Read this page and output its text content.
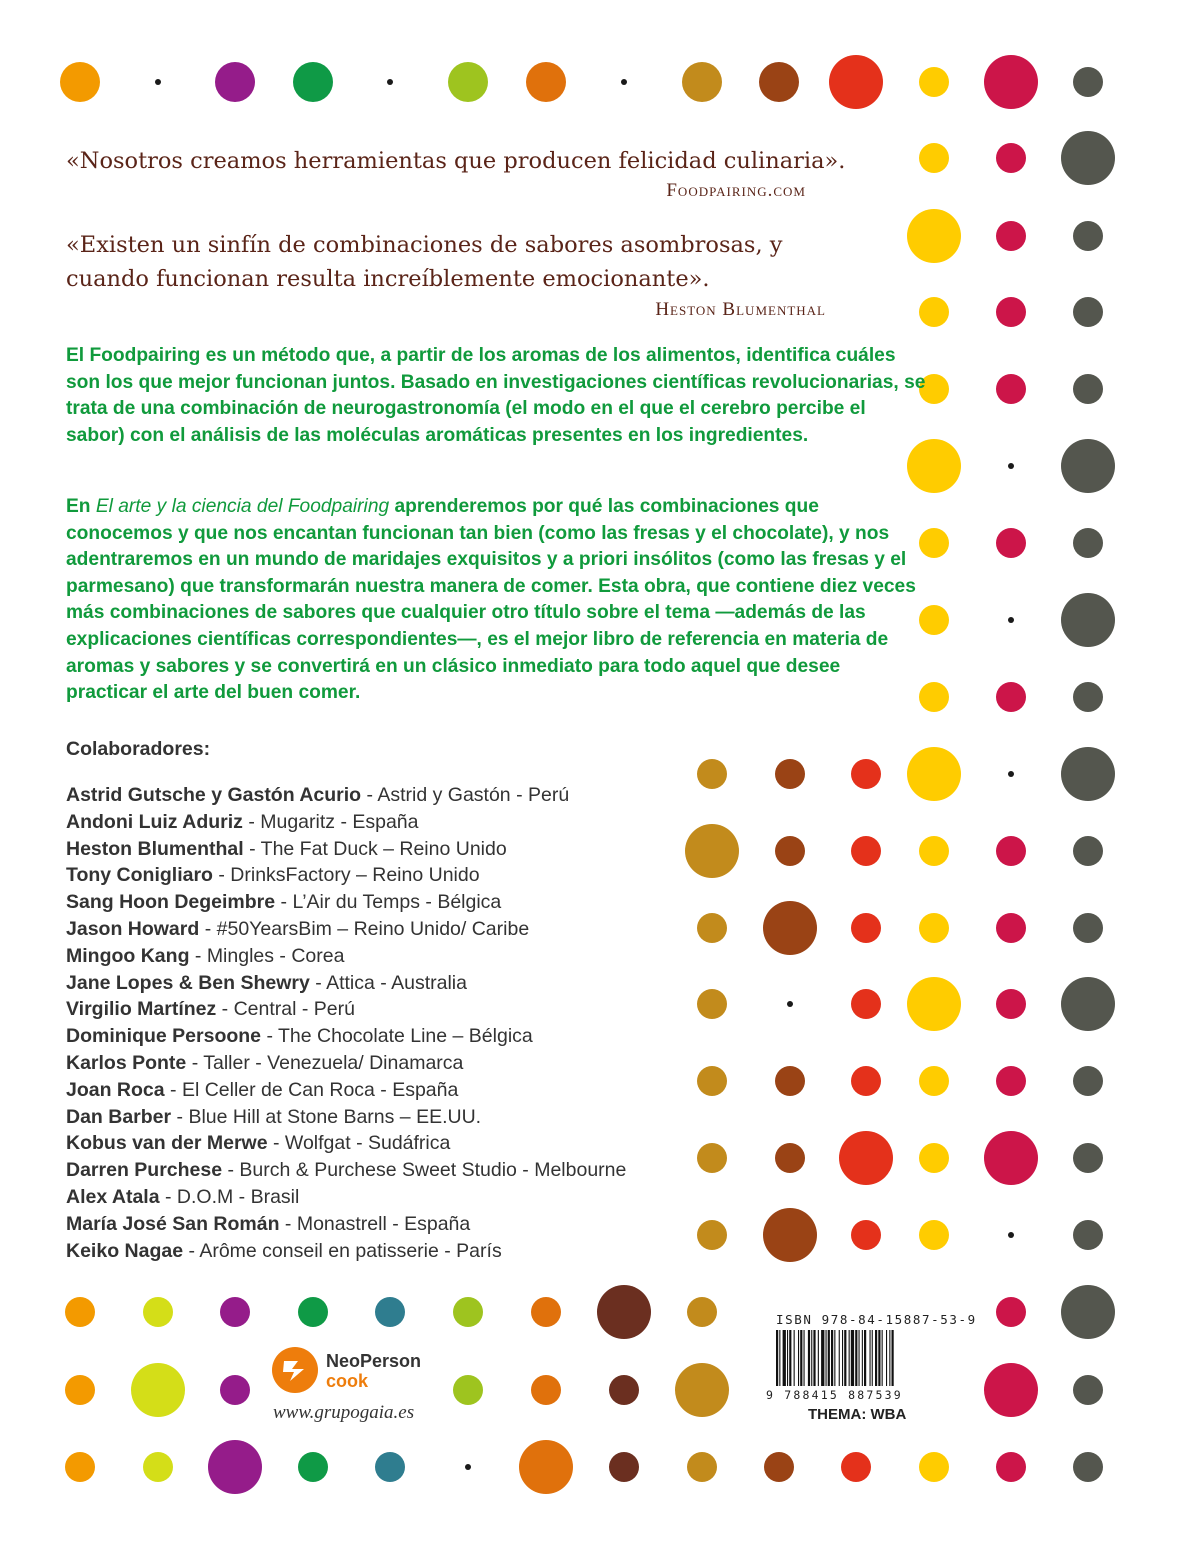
«Nosotros creamos herramientas que producen felicidad culinaria».

Foodpairing.com

«Existen un sinfín de combinaciones de sabores asombrosas, y cuando funcionan resulta increíblemente emocionante».

Heston Blumenthal

El Foodpairing es un método que, a partir de los aromas de los alimentos, identifica cuáles son los que mejor funcionan juntos. Basado en investigaciones científicas revolucionarias, se trata de una combinación de neurogastronomía (el modo en el que el cerebro percibe el sabor) con el análisis de las moléculas aromáticas presentes en los ingredientes.

En El arte y la ciencia del Foodpairing aprenderemos por qué las combinaciones que conocemos y que nos encantan funcionan tan bien (como las fresas y el chocolate), y nos adentraremos en un mundo de maridajes exquisitos y a priori insólitos (como las fresas y el parmesano) que transformarán nuestra manera de comer. Esta obra, que contiene diez veces más combinaciones de sabores que cualquier otro título sobre el tema —además de las explicaciones científicas correspondientes—, es el mejor libro de referencia en materia de aromas y sabores y se convertirá en un clásico inmediato para todo aquel que desee practicar el arte del buen comer.

Colaboradores:
Astrid Gutsche y Gastón Acurio - Astrid y Gastón - Perú
Andoni Luiz Aduriz - Mugaritz - España
Heston Blumenthal - The Fat Duck – Reino Unido
Tony Conigliaro - DrinksFactory – Reino Unido
Sang Hoon Degeimbre - L’Air du Temps - Bélgica
Jason Howard - #50YearsBim – Reino Unido/ Caribe
Mingoo Kang - Mingles - Corea
Jane Lopes & Ben Shewry - Attica - Australia
Virgilio Martínez - Central - Perú
Dominique Persoone - The Chocolate Line – Bélgica
Karlos Ponte - Taller - Venezuela/ Dinamarca
Joan Roca - El Celler de Can Roca - España
Dan Barber - Blue Hill at Stone Barns – EE.UU.
Kobus van der Merwe - Wolfgat - Sudáfrica
Darren Purchese - Burch & Purchese Sweet Studio - Melbourne
Alex Atala - D.O.M - Brasil
María José San Román - Monastrell - España
Keiko Nagae - Arôme conseil en patisserie - París
NeoPerson
cook
www.grupogaia.es
ISBN 978-84-15887-53-9
9 788415 887539
THEMA: WBA
